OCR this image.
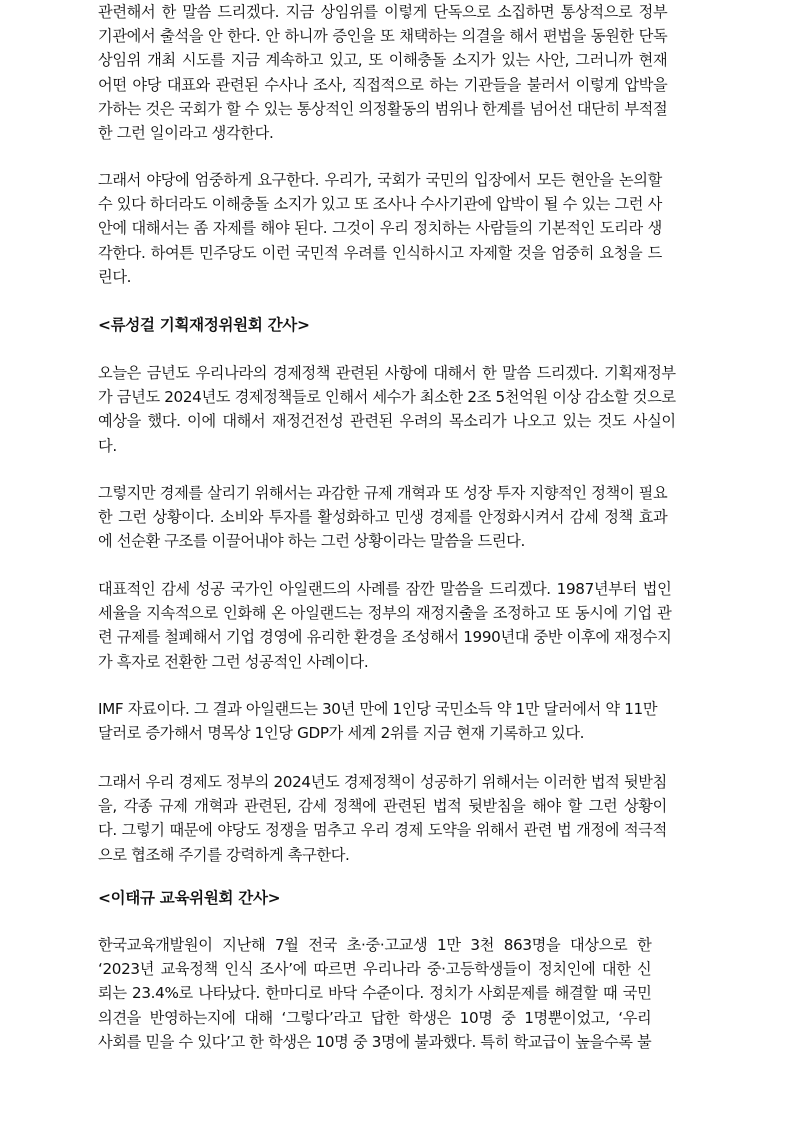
관련해서 한 말씀 드리겠다. 지금 상임위를 이렇게 단독으로 소집하면 통상적으로 정부
기관에서 출석을 안 한다. 안 하니까 증인을 또 채택하는 의결을 해서 편법을 동원한 단독
상임위 개최 시도를 지금 계속하고 있고, 또 이해충돌 소지가 있는 사안, 그러니까 현재
어떤 야당 대표와 관련된 수사나 조사, 직접적으로 하는 기관들을 불러서 이렇게 압박을
가하는 것은 국회가 할 수 있는 통상적인 의정활동의 범위나 한계를 넘어선 대단히 부적절
한 그런 일이라고 생각한다.
그래서 야당에 엄중하게 요구한다. 우리가, 국회가 국민의 입장에서 모든 현안을 논의할
수 있다 하더라도 이해충돌 소지가 있고 또 조사나 수사기관에 압박이 될 수 있는 그런 사
안에 대해서는 좀 자제를 해야 된다. 그것이 우리 정치하는 사람들의 기본적인 도리라 생
각한다. 하여튼 민주당도 이런 국민적 우려를 인식하시고 자제할 것을 엄중히 요청을 드
린다.
<류성걸 기획재정위원회 간사>
오늘은 금년도 우리나라의 경제정책 관련된 사항에 대해서 한 말씀 드리겠다. 기획재정부
가 금년도 2024년도 경제정책들로 인해서 세수가 최소한 2조 5천억원 이상 감소할 것으로
예상을 했다. 이에 대해서 재정건전성 관련된 우려의 목소리가 나오고 있는 것도 사실이
다.
그렇지만 경제를 살리기 위해서는 과감한 규제 개혁과 또 성장 투자 지향적인 정책이 필요
한 그런 상황이다. 소비와 투자를 활성화하고 민생 경제를 안정화시켜서 감세 정책 효과
에 선순환 구조를 이끌어내야 하는 그런 상황이라는 말씀을 드린다.
대표적인 감세 성공 국가인 아일랜드의 사례를 잠깐 말씀을 드리겠다. 1987년부터 법인
세율을 지속적으로 인화해 온 아일랜드는 정부의 재정지출을 조정하고 또 동시에 기업 관
련 규제를 철폐해서 기업 경영에 유리한 환경을 조성해서 1990년대 중반 이후에 재정수지
가 흑자로 전환한 그런 성공적인 사례이다.
IMF 자료이다. 그 결과 아일랜드는 30년 만에 1인당 국민소득 약 1만 달러에서 약 11만
달러로 증가해서 명목상 1인당 GDP가 세계 2위를 지금 현재 기록하고 있다.
그래서 우리 경제도 정부의 2024년도 경제정책이 성공하기 위해서는 이러한 법적 뒷받침
을, 각종 규제 개혁과 관련된, 감세 정책에 관련된 법적 뒷받침을 해야 할 그런 상황이
다. 그렇기 때문에 야당도 정쟁을 멈추고 우리 경제 도약을 위해서 관련 법 개정에 적극적
으로 협조해 주기를 강력하게 촉구한다.
<이태규 교육위원회 간사>
한국교육개발원이 지난해 7월 전국 초·중·고교생 1만 3천 863명을 대상으로 한
‘2023년 교육정책 인식 조사’에 따르면 우리나라 중·고등학생들이 정치인에 대한 신
뢰는 23.4%로 나타났다. 한마디로 바닥 수준이다. 정치가 사회문제를 해결할 때 국민
의견을 반영하는지에 대해 ‘그렇다’라고 답한 학생은 10명 중 1명뿐이었고, ‘우리
사회를 믿을 수 있다’고 한 학생은 10명 중 3명에 불과했다. 특히 학교급이 높을수록 불
